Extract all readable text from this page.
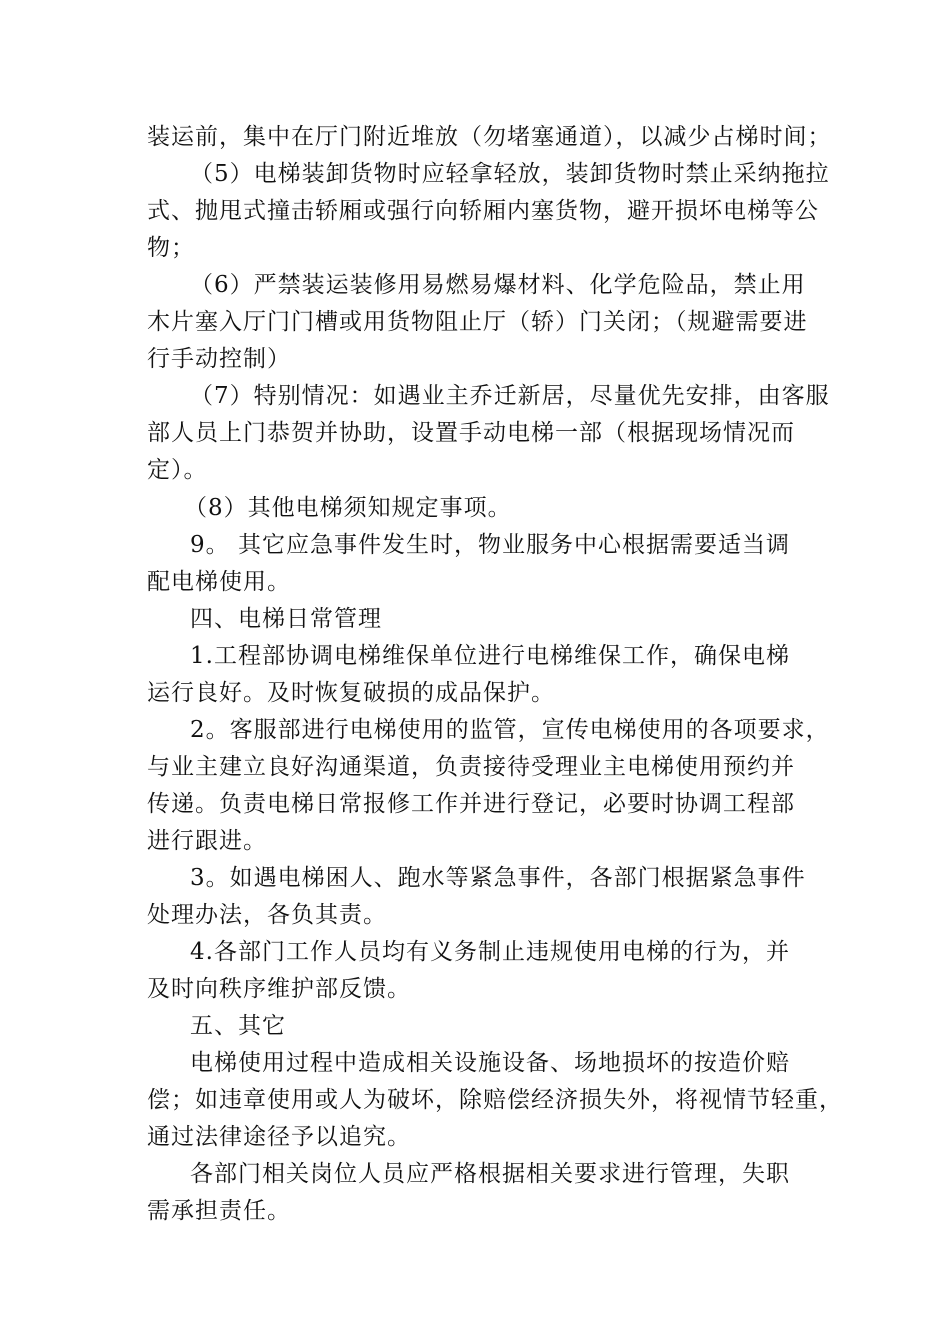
装运前，集中在厅门附近堆放（勿堵塞通道），以减少占梯时间；
（5）电梯装卸货物时应轻拿轻放，装卸货物时禁止采纳拖拉
式、抛甩式撞击轿厢或强行向轿厢内塞货物，避开损坏电梯等公
物；
（6）严禁装运装修用易燃易爆材料、化学危险品，禁止用
木片塞入厅门门槽或用货物阻止厅（轿）门关闭；（规避需要进
行手动控制）
（7）特别情况：如遇业主乔迁新居，尽量优先安排，由客服
部人员上门恭贺并协助，设置手动电梯一部（根据现场情况而
定）。
（8）其他电梯须知规定事项。
9。 其它应急事件发生时，物业服务中心根据需要适当调
配电梯使用。
四、电梯日常管理
1.工程部协调电梯维保单位进行电梯维保工作，确保电梯
运行良好。及时恢复破损的成品保护。
2。客服部进行电梯使用的监管，宣传电梯使用的各项要求，
与业主建立良好沟通渠道，负责接待受理业主电梯使用预约并
传递。负责电梯日常报修工作并进行登记，必要时协调工程部
进行跟进。
3。如遇电梯困人、跑水等紧急事件，各部门根据紧急事件
处理办法，各负其责。
4.各部门工作人员均有义务制止违规使用电梯的行为，并
及时向秩序维护部反馈。
五、其它
电梯使用过程中造成相关设施设备、场地损坏的按造价赔
偿；如违章使用或人为破坏，除赔偿经济损失外，将视情节轻重，
通过法律途径予以追究。
各部门相关岗位人员应严格根据相关要求进行管理，失职
需承担责任。
